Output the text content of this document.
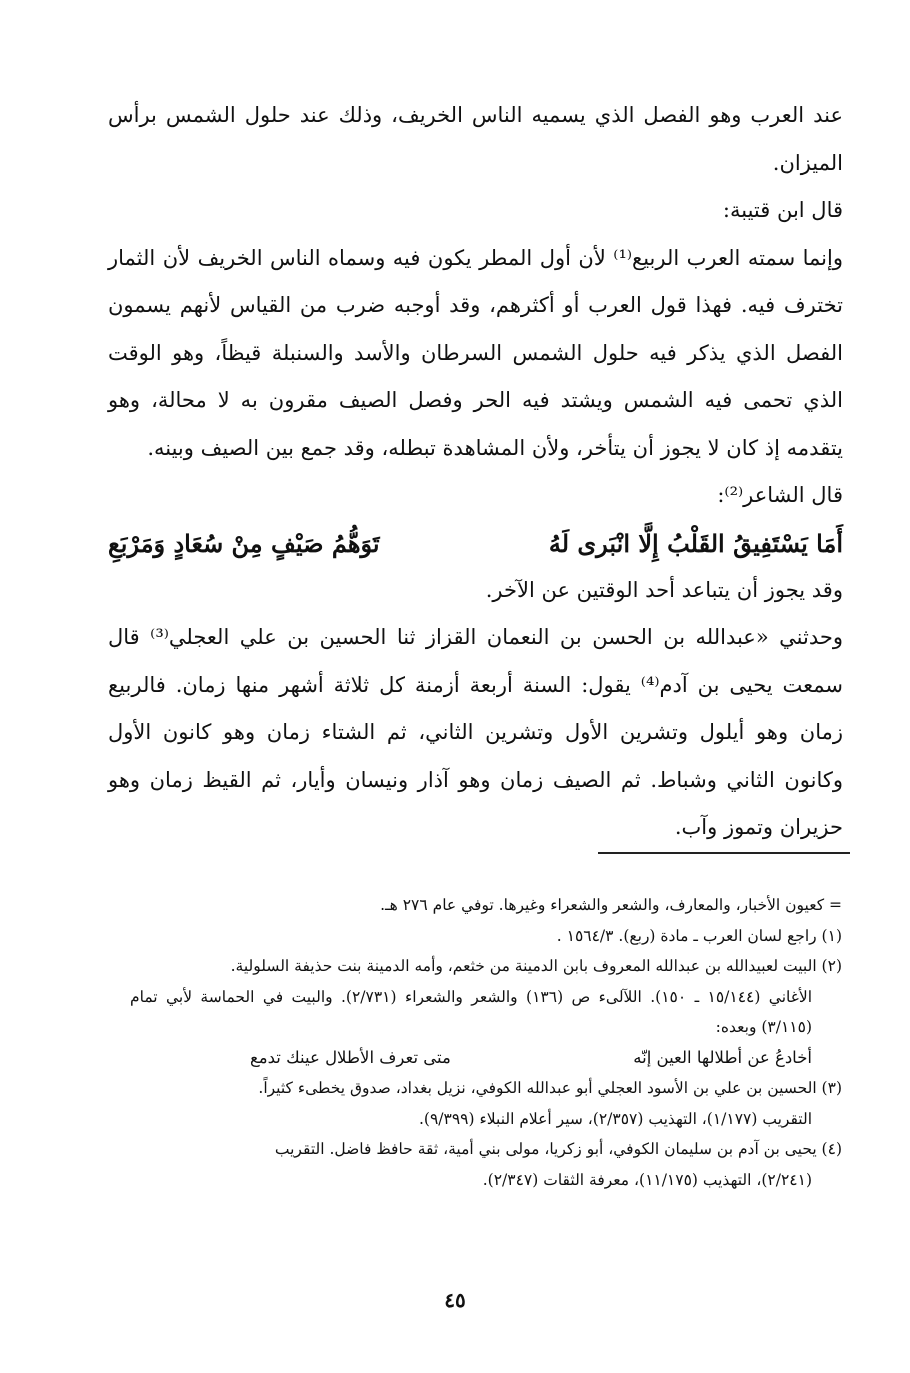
عند العرب وهو الفصل الذي يسميه الناس الخريف، وذلك عند حلول الشمس برأس الميزان.

قال ابن قتيبة:

وإنما سمته العرب الربيع⁽¹⁾ لأن أول المطر يكون فيه وسماه الناس الخريف لأن الثمار تخترف فيه. فهذا قول العرب أو أكثرهم، وقد أوجبه ضرب من القياس لأنهم يسمون الفصل الذي يذكر فيه حلول الشمس السرطان والأسد والسنبلة قيظاً، وهو الوقت الذي تحمى فيه الشمس ويشتد فيه الحر وفصل الصيف مقرون به لا محالة، وهو يتقدمه إذ كان لا يجوز أن يتأخر، ولأن المشاهدة تبطله، وقد جمع بين الصيف وبينه.

قال الشاعر⁽²⁾:

أَمَا يَسْتَفِيقُ القَلْبُ إِلَّا انْبَرى لَهُ
تَوَهُّمُ صَيْفٍ مِنْ سُعَادٍ وَمَرْبَعِ

وقد يجوز أن يتباعد أحد الوقتين عن الآخر.

وحدثني «عبدالله بن الحسن بن النعمان القزاز ثنا الحسين بن علي العجلي⁽³⁾ قال سمعت يحيى بن آدم⁽⁴⁾ يقول: السنة أربعة أزمنة كل ثلاثة أشهر منها زمان. فالربيع زمان وهو أيلول وتشرين الأول وتشرين الثاني، ثم الشتاء زمان وهو كانون الأول وكانون الثاني وشباط. ثم الصيف زمان وهو آذار ونيسان وأيار، ثم القيظ زمان وهو حزيران وتموز وآب.

= كعيون الأخبار، والمعارف، والشعر والشعراء وغيرها. توفي عام ٢٧٦ هـ.

(١) راجع لسان العرب ـ مادة (ربع). ١٥٦٤/٣ .

(٢) البيت لعبيدالله بن عبدالله المعروف بابن الدمينة من خثعم، وأمه الدمينة بنت حذيفة السلولية.

الأغاني (١٥/١٤٤ ـ ١٥٠). اللآلىء ص (١٣٦) والشعر والشعراء (٢/٧٣١). والبيت في الحماسة لأبي تمام (٣/١١٥) وبعده:

أخادعُ عن أطلالها العين إنّه
متى تعرف الأطلال عينك تدمع

(٣) الحسين بن علي بن الأسود العجلي أبو عبدالله الكوفي، نزيل بغداد، صدوق يخطىء كثيراً.

التقريب (١/١٧٧)، التهذيب (٢/٣٥٧)، سير أعلام النبلاء (٩/٣٩٩).

(٤) يحيى بن آدم بن سليمان الكوفي، أبو زكريا، مولى بني أمية، ثقة حافظ فاضل. التقريب

(٢/٢٤١)، التهذيب (١١/١٧٥)، معرفة الثقات (٢/٣٤٧).

٤٥
